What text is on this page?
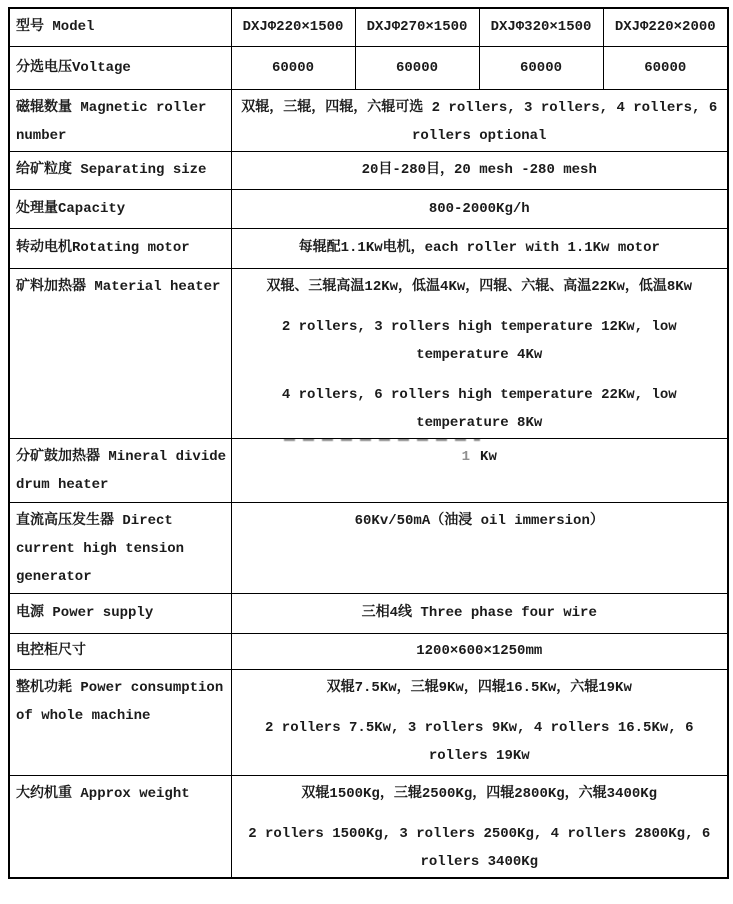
型号 Model	DXJΦ220×1500	DXJΦ270×1500	DXJΦ320×1500	DXJΦ220×2000
分选电压Voltage	60000	60000	60000	60000
磁辊数量 Magnetic roller number	双辊，三辊，四辊，六辊可选 2 rollers, 3 rollers, 4 rollers, 6 rollers optional			

给矿粒度 Separating size	20目-280目，20 mesh -280 mesh			

处理量Capacity	800-2000Kg/h			

转动电机Rotating motor	每辊配1.1Kw电机，each roller with 1.1Kw motor			

矿料加热器 Material heater	双辊、三辊高温12Kw，低温4Kw，四辊、六辊、高温22Kw，低温8Kw
2 rollers, 3 rollers high temperature 12Kw, low temperature 4Kw
4 rollers, 6 rollers high temperature 22Kw, low temperature 8Kw			

分矿鼓加热器 Mineral divide drum heater	1 Kw			

直流高压发生器 Direct current high tension generator	60Kv/50mA（油浸 oil immersion）			

电源 Power supply	三相4线 Three phase four wire			

电控柜尺寸	1200×600×1250mm			

整机功耗 Power consumption of whole machine	双辊7.5Kw，三辊9Kw，四辊16.5Kw，六辊19Kw
2 rollers 7.5Kw, 3 rollers 9Kw, 4 rollers 16.5Kw, 6 rollers 19Kw			

大约机重 Approx weight	双辊1500Kg，三辊2500Kg，四辊2800Kg，六辊3400Kg
2 rollers 1500Kg, 3 rollers 2500Kg, 4 rollers 2800Kg, 6 rollers 3400Kg			
